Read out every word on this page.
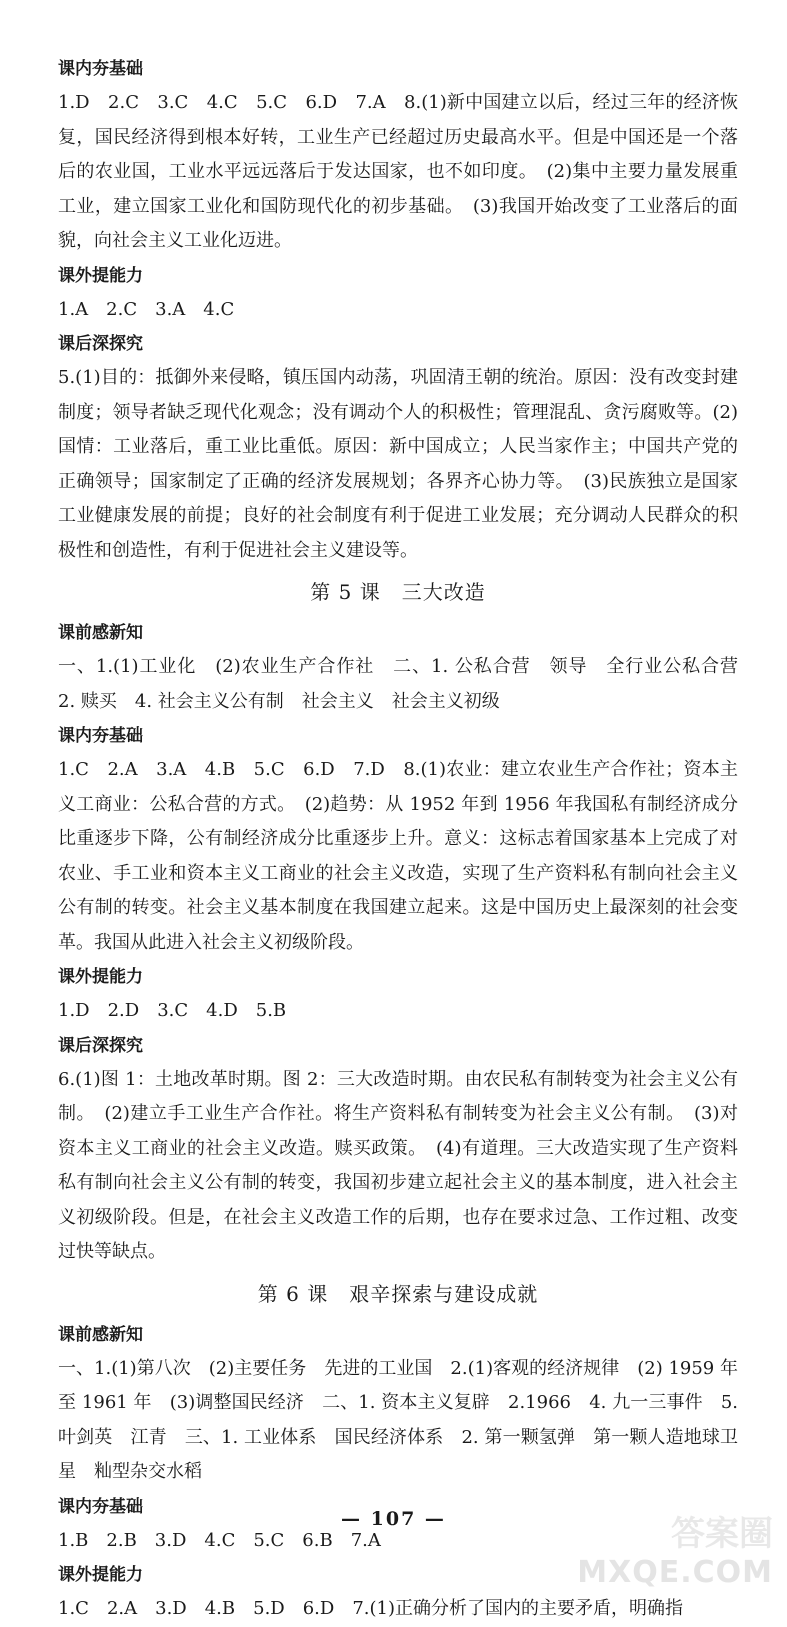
课内夯基础

1.D　2.C　3.C　4.C　5.C　6.D　7.A　8.(1)新中国建立以后，经过三年的经济恢复，国民经济得到根本好转，工业生产已经超过历史最高水平。但是中国还是一个落后的农业国，工业水平远远落后于发达国家，也不如印度。　(2)集中主要力量发展重工业，建立国家工业化和国防现代化的初步基础。　(3)我国开始改变了工业落后的面貌，向社会主义工业化迈进。

课外提能力

1.A　2.C　3.A　4.C

课后深探究

5.(1)目的：抵御外来侵略，镇压国内动荡，巩固清王朝的统治。原因：没有改变封建制度；领导者缺乏现代化观念；没有调动个人的积极性；管理混乱、贪污腐败等。(2)国情：工业落后，重工业比重低。原因：新中国成立；人民当家作主；中国共产党的正确领导；国家制定了正确的经济发展规划；各界齐心协力等。　(3)民族独立是国家工业健康发展的前提；良好的社会制度有利于促进工业发展；充分调动人民群众的积极性和创造性，有利于促进社会主义建设等。

第 5 课　三大改造

课前感新知

一、1.(1)工业化　(2)农业生产合作社　二、1. 公私合营　领导　全行业公私合营　2. 赎买　4. 社会主义公有制　社会主义　社会主义初级

课内夯基础

1.C　2.A　3.A　4.B　5.C　6.D　7.D　8.(1)农业：建立农业生产合作社；资本主义工商业：公私合营的方式。　(2)趋势：从 1952 年到 1956 年我国私有制经济成分比重逐步下降，公有制经济成分比重逐步上升。意义：这标志着国家基本上完成了对农业、手工业和资本主义工商业的社会主义改造，实现了生产资料私有制向社会主义公有制的转变。社会主义基本制度在我国建立起来。这是中国历史上最深刻的社会变革。我国从此进入社会主义初级阶段。

课外提能力

1.D　2.D　3.C　4.D　5.B

课后深探究

6.(1)图 1：土地改革时期。图 2：三大改造时期。由农民私有制转变为社会主义公有制。　(2)建立手工业生产合作社。将生产资料私有制转变为社会主义公有制。　(3)对资本主义工商业的社会主义改造。赎买政策。　(4)有道理。三大改造实现了生产资料私有制向社会主义公有制的转变，我国初步建立起社会主义的基本制度，进入社会主义初级阶段。但是，在社会主义改造工作的后期，也存在要求过急、工作过粗、改变过快等缺点。

第 6 课　艰辛探索与建设成就

课前感新知

一、1.(1)第八次　(2)主要任务　先进的工业国　2.(1)客观的经济规律　(2) 1959 年至 1961 年　(3)调整国民经济　二、1. 资本主义复辟　2.1966　4. 九一三事件　5. 叶剑英　江青　三、1. 工业体系　国民经济体系　2. 第一颗氢弹　第一颗人造地球卫星　籼型杂交水稻

课内夯基础

1.B　2.B　3.D　4.C　5.C　6.B　7.A

课外提能力

1.C　2.A　3.D　4.B　5.D　6.D　7.(1)正确分析了国内的主要矛盾，明确指

— 107 —	答案圈
MXQE.COM
